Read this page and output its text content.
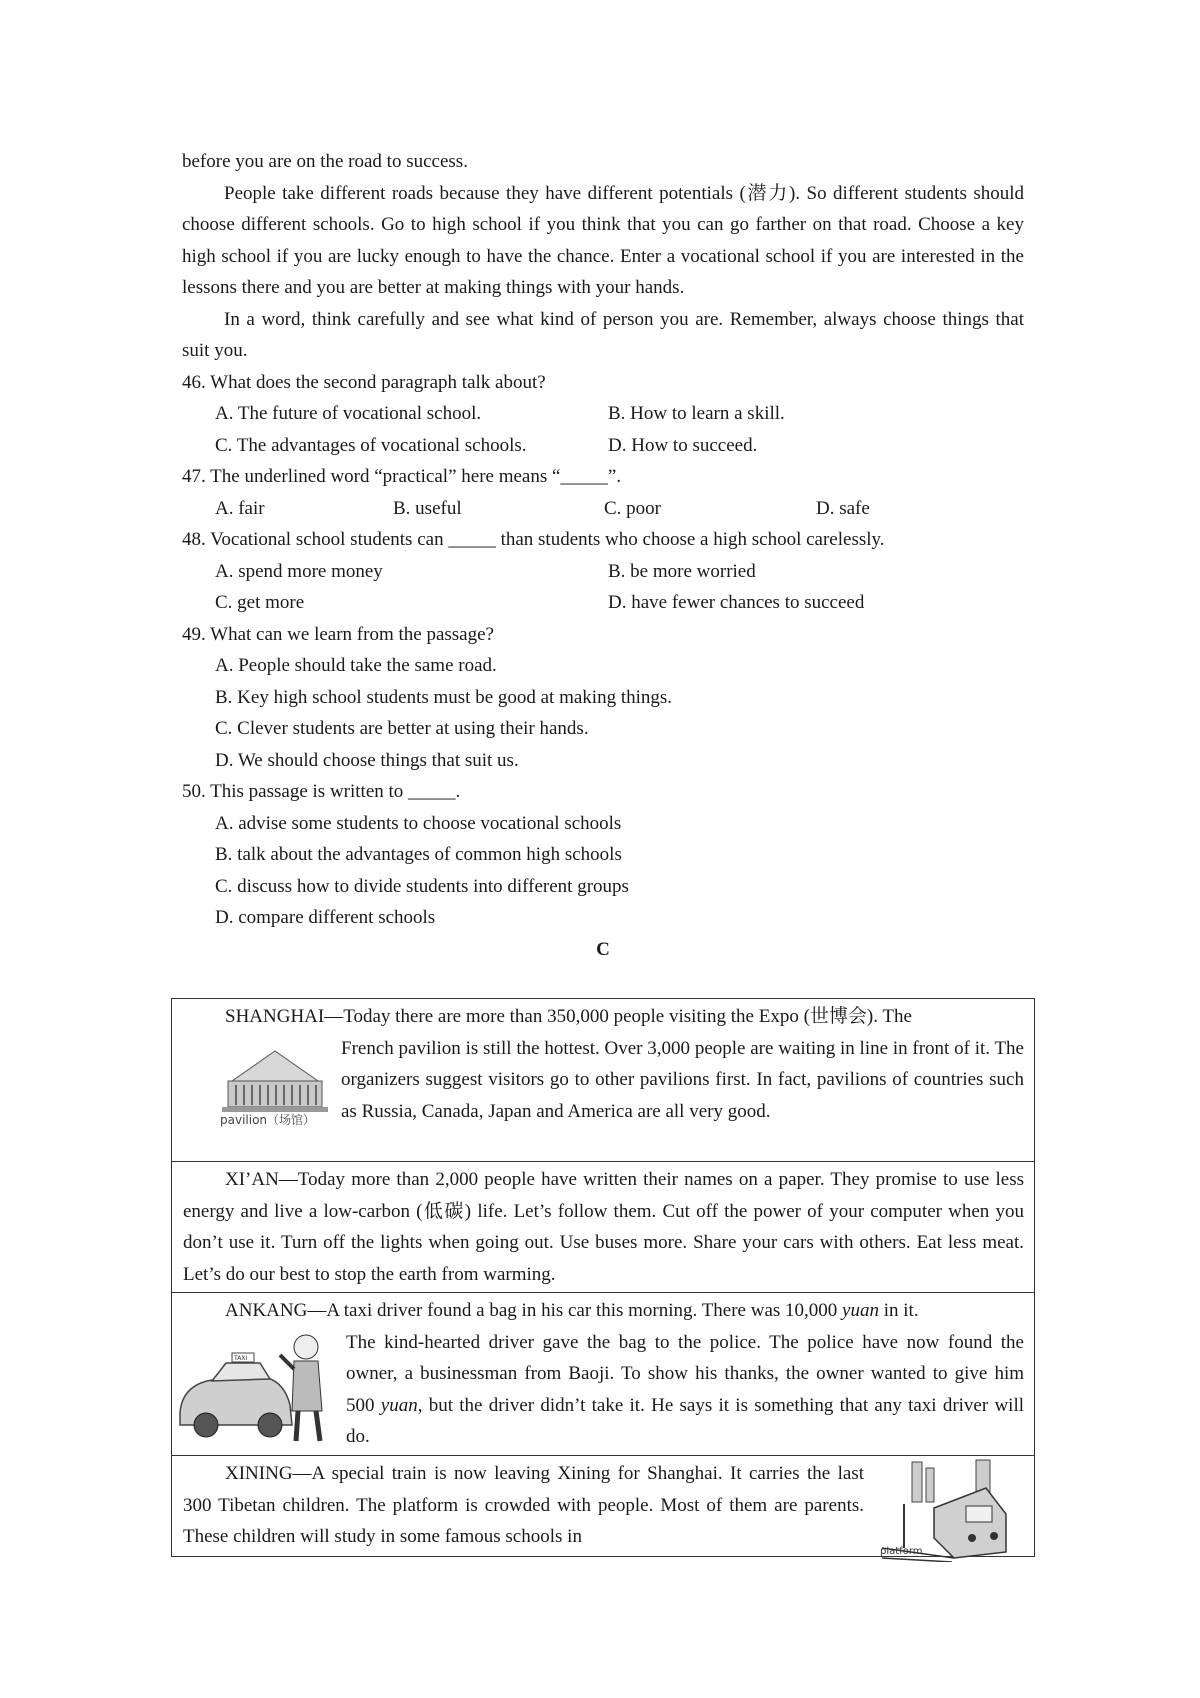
before you are on the road to success.

People take different roads because they have different potentials (潜力). So different students should choose different schools. Go to high school if you think that you can go farther on that road. Choose a key high school if you are lucky enough to have the chance. Enter a vocational school if you are interested in the lessons there and you are better at making things with your hands.

In a word, think carefully and see what kind of person you are. Remember, always choose things that suit you.

46. What does the second paragraph talk about?
A. The future of vocational school.	B. How to learn a skill.
C. The advantages of vocational schools.	D. How to succeed.
47. The underlined word “practical” here means “_____”.
A. fair	B. useful	C. poor	D. safe
48. Vocational school students can _____ than students who choose a high school carelessly.
A. spend more money	B. be more worried
C. get more	D. have fewer chances to succeed
49. What can we learn from the passage?
A. People should take the same road.
B. Key high school students must be good at making things.
C. Clever students are better at using their hands.
D. We should choose things that suit us.
50. This passage is written to _____.
A. advise some students to choose vocational schools
B. talk about the advantages of common high schools
C. discuss how to divide students into different groups
D. compare different schools
C

SHANGHAI—Today there are more than 350,000 people visiting the Expo (世博会). The

pavilion（场馆）

French pavilion is still the hottest. Over 3,000 people are waiting in line in front of it. The organizers suggest visitors go to other pavilions first. In fact, pavilions of countries such as Russia, Canada, Japan and America are all very good.

XI’AN—Today more than 2,000 people have written their names on a paper. They promise to use less energy and live a low-carbon (低碳) life. Let’s follow them. Cut off the power of your computer when you don’t use it. Turn off the lights when going out. Use buses more. Share your cars with others. Eat less meat. Let’s do our best to stop the earth from warming.

ANKANG—A taxi driver found a bag in his car this morning. There was 10,000 yuan in it.

TAXI

The kind-hearted driver gave the bag to the police. The police have now found the owner, a businessman from Baoji. To show his thanks, the owner wanted to give him 500 yuan, but the driver didn’t take it. He says it is something that any taxi driver will do.

XINING—A special train is now leaving Xining for Shanghai. It carries the last 300 Tibetan children. The platform is crowded with people. Most of them are parents. These children will study in some famous schools in

platform
